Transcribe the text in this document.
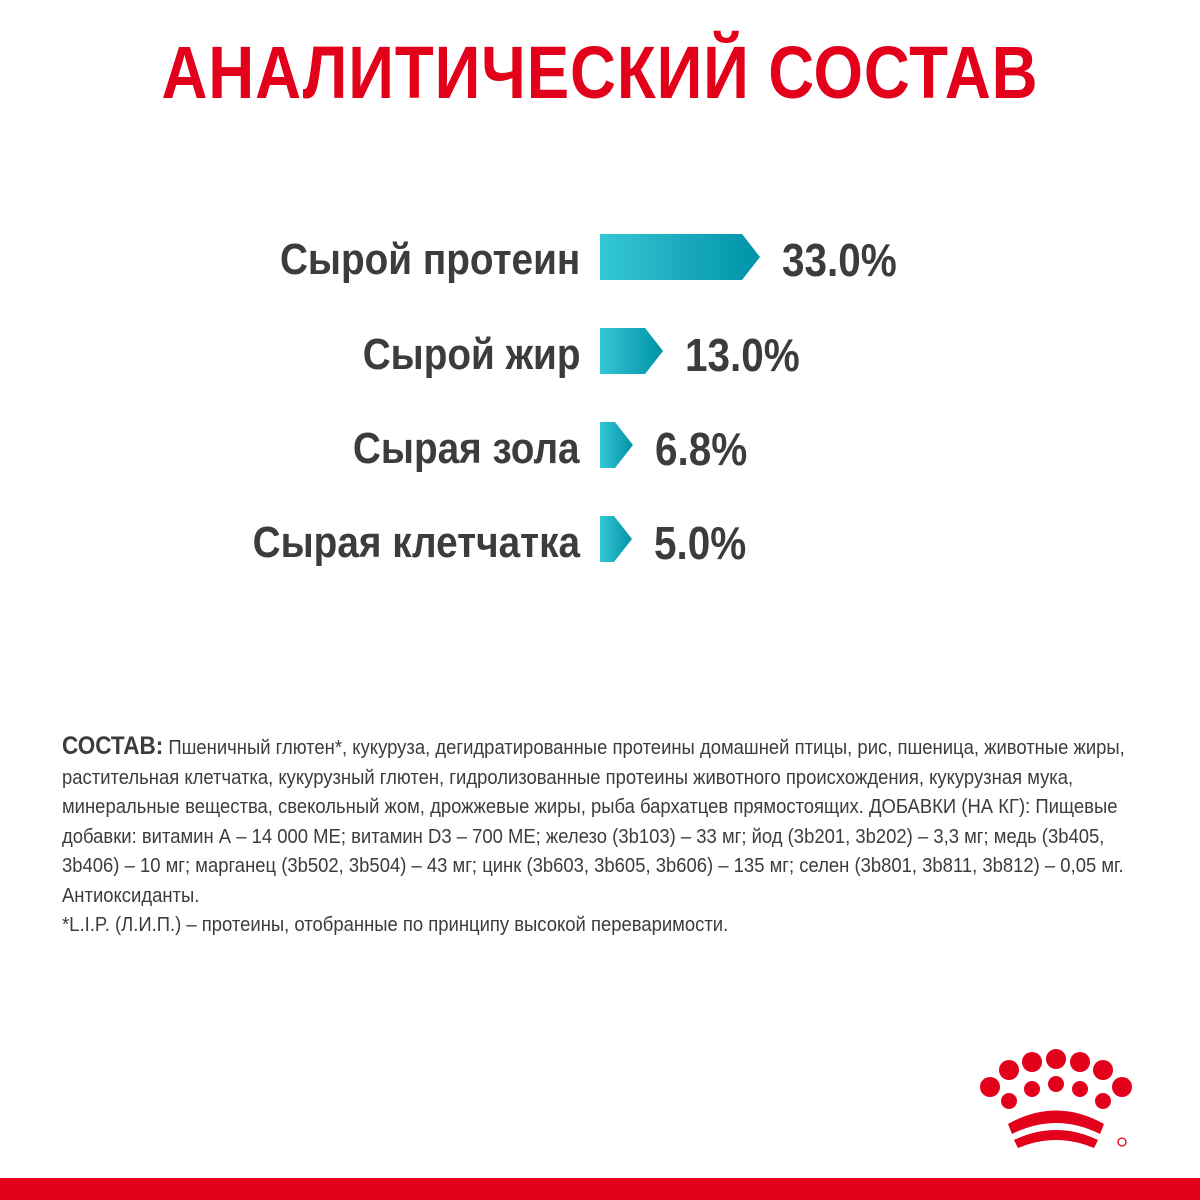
АНАЛИТИЧЕСКИЙ СОСТАВ
Сырой протеин
Сырой жир
Сырая зола
Сырая клетчатка
33.0%
13.0%
6.8%
5.0%
СОСТАВ: Пшеничный глютен*, кукуруза, дегидратированные протеины домашней птицы, рис, пшеница, животные жиры, растительная клетчатка, кукурузный глютен, гидролизованные протеины животного происхождения, кукурузная мука, минеральные вещества, свекольный жом, дрожжевые жиры, рыба бархатцев прямостоящих. ДОБАВКИ (НА КГ): Пищевые добавки: витамин А – 14 000 МЕ; витамин D3 – 700 МЕ; железо (3b103) – 33 мг; йод (3b201, 3b202) – 3,3 мг; медь (3b405, 3b406) – 10 мг; марганец (3b502, 3b504) – 43 мг; цинк (3b603, 3b605, 3b606) – 135 мг; селен (3b801, 3b811, 3b812) – 0,05 мг. Антиоксиданты.
*L.I.P. (Л.И.П.) – протеины, отобранные по принципу высокой переваримости.
